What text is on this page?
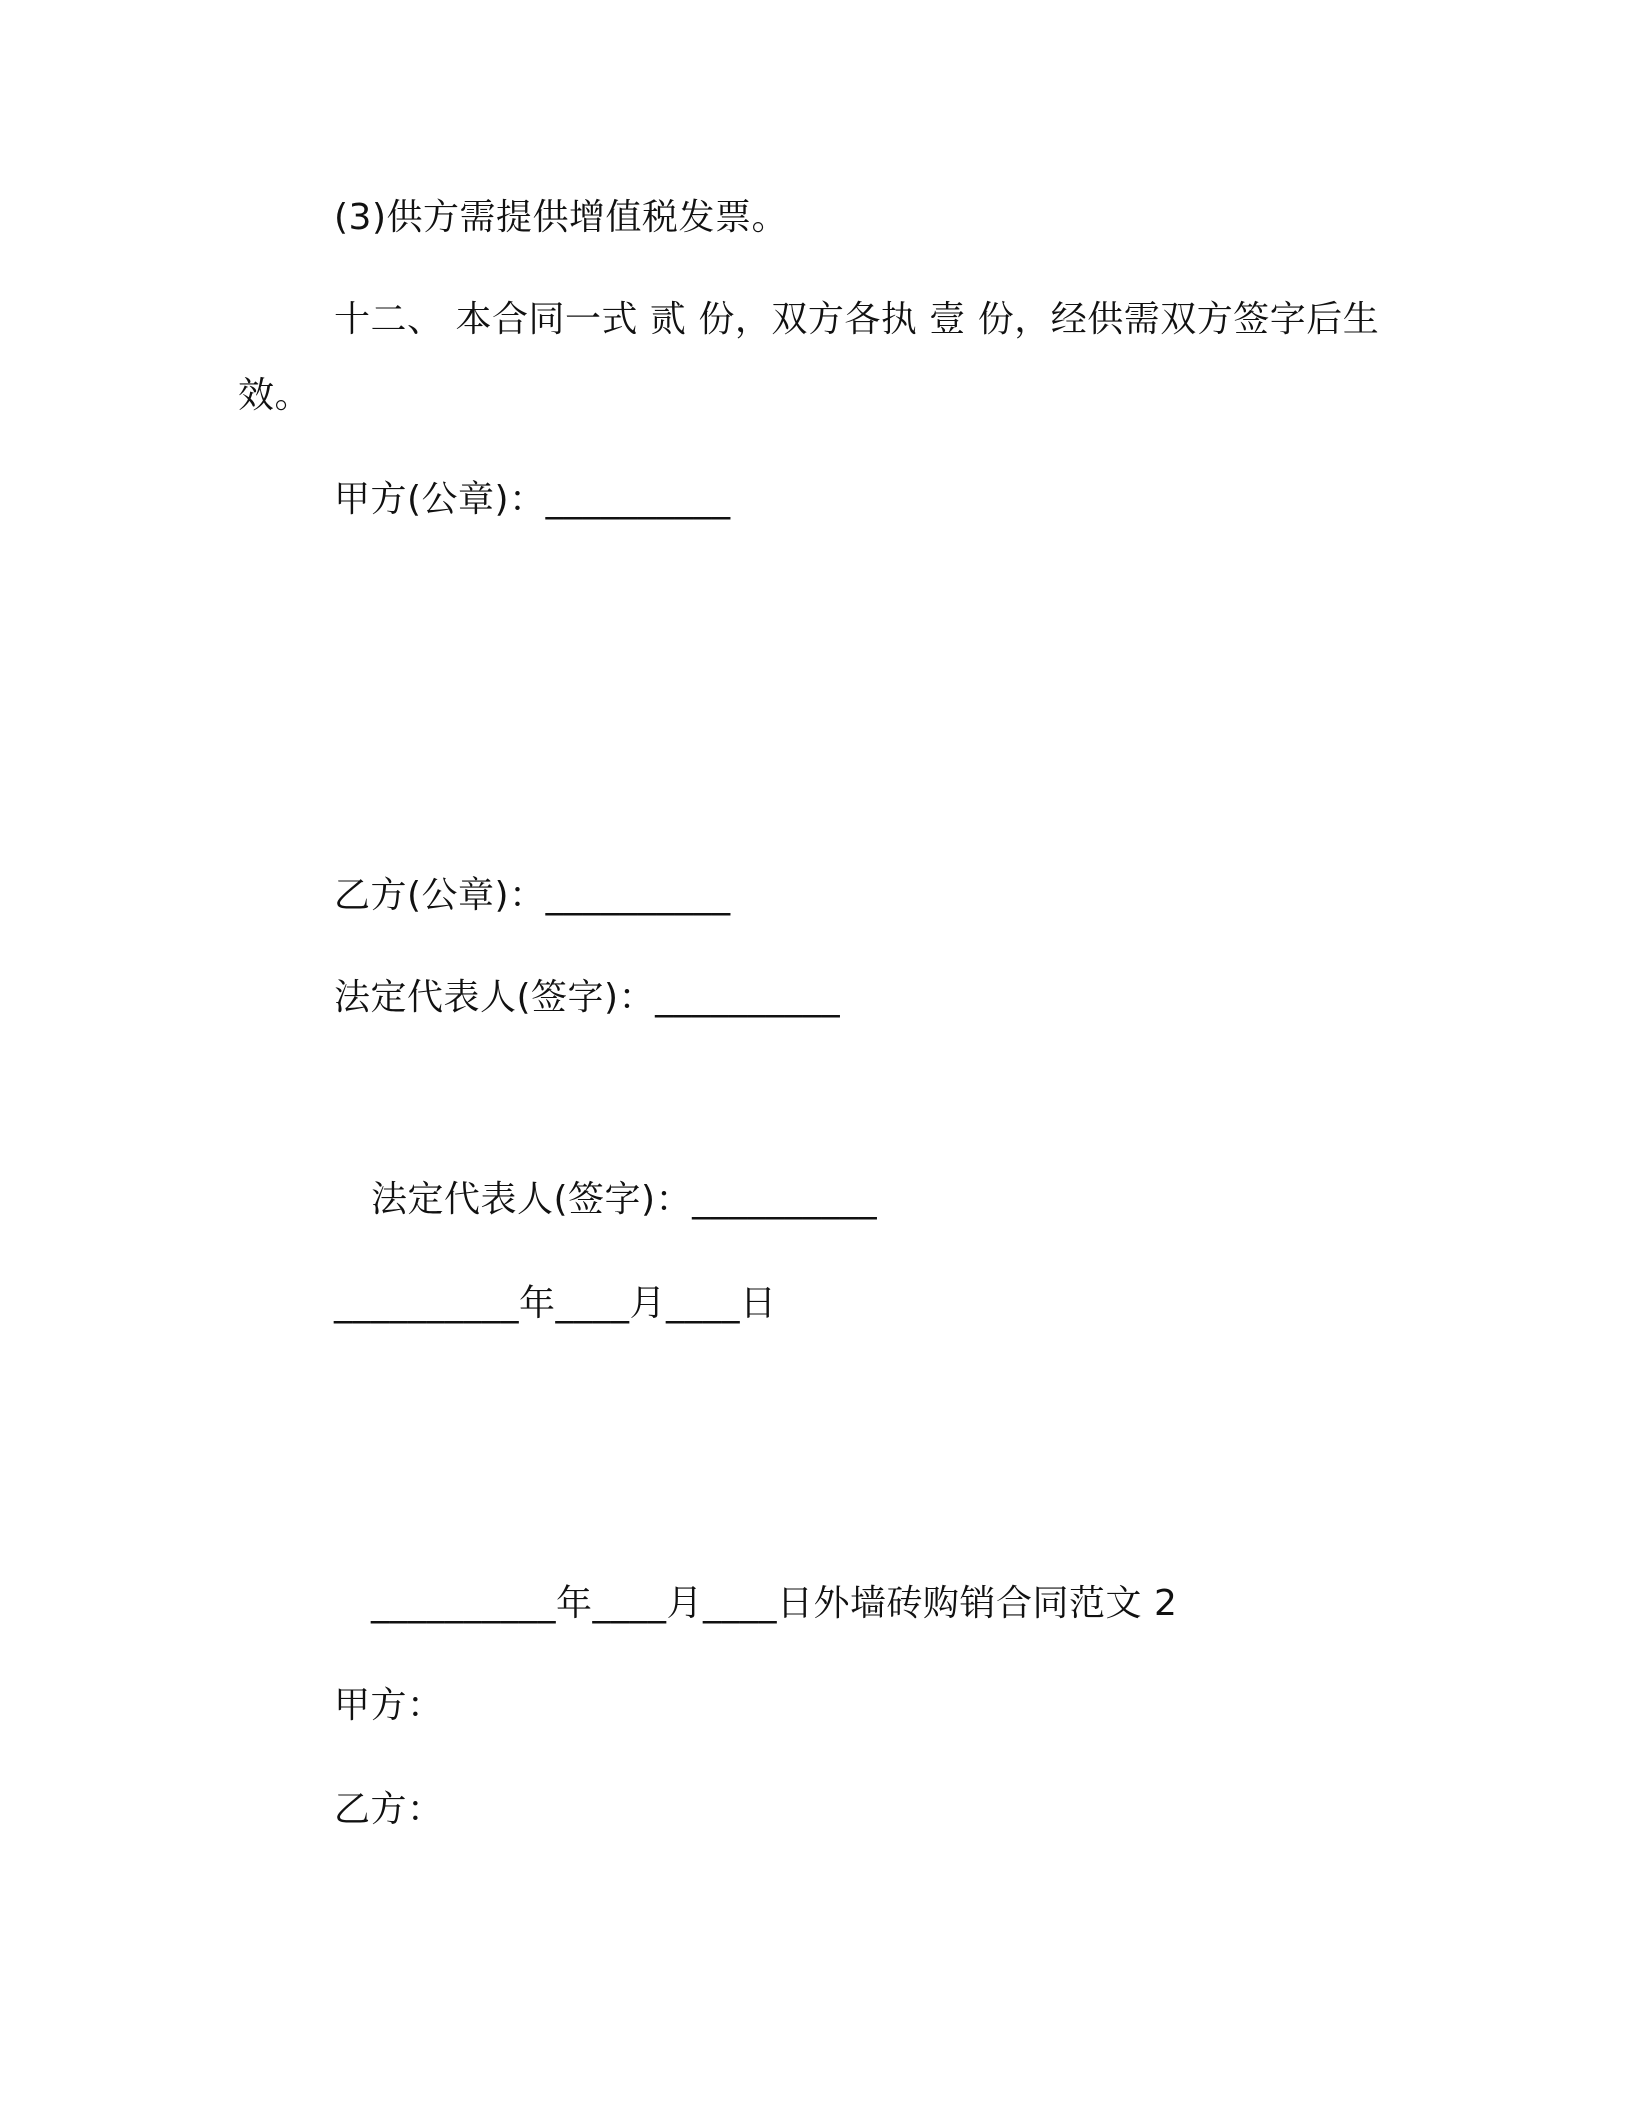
(3)供方需提供增值税发票。
十二、 本合同一式 贰 份，双方各执 壹 份，经供需双方签字后生
效。
甲方(公章)：__________
乙方(公章)：__________
法定代表人(签字)：__________
法定代表人(签字)：__________
__________年____月____日
__________年____月____日外墙砖购销合同范文 2
甲方：
乙方：
